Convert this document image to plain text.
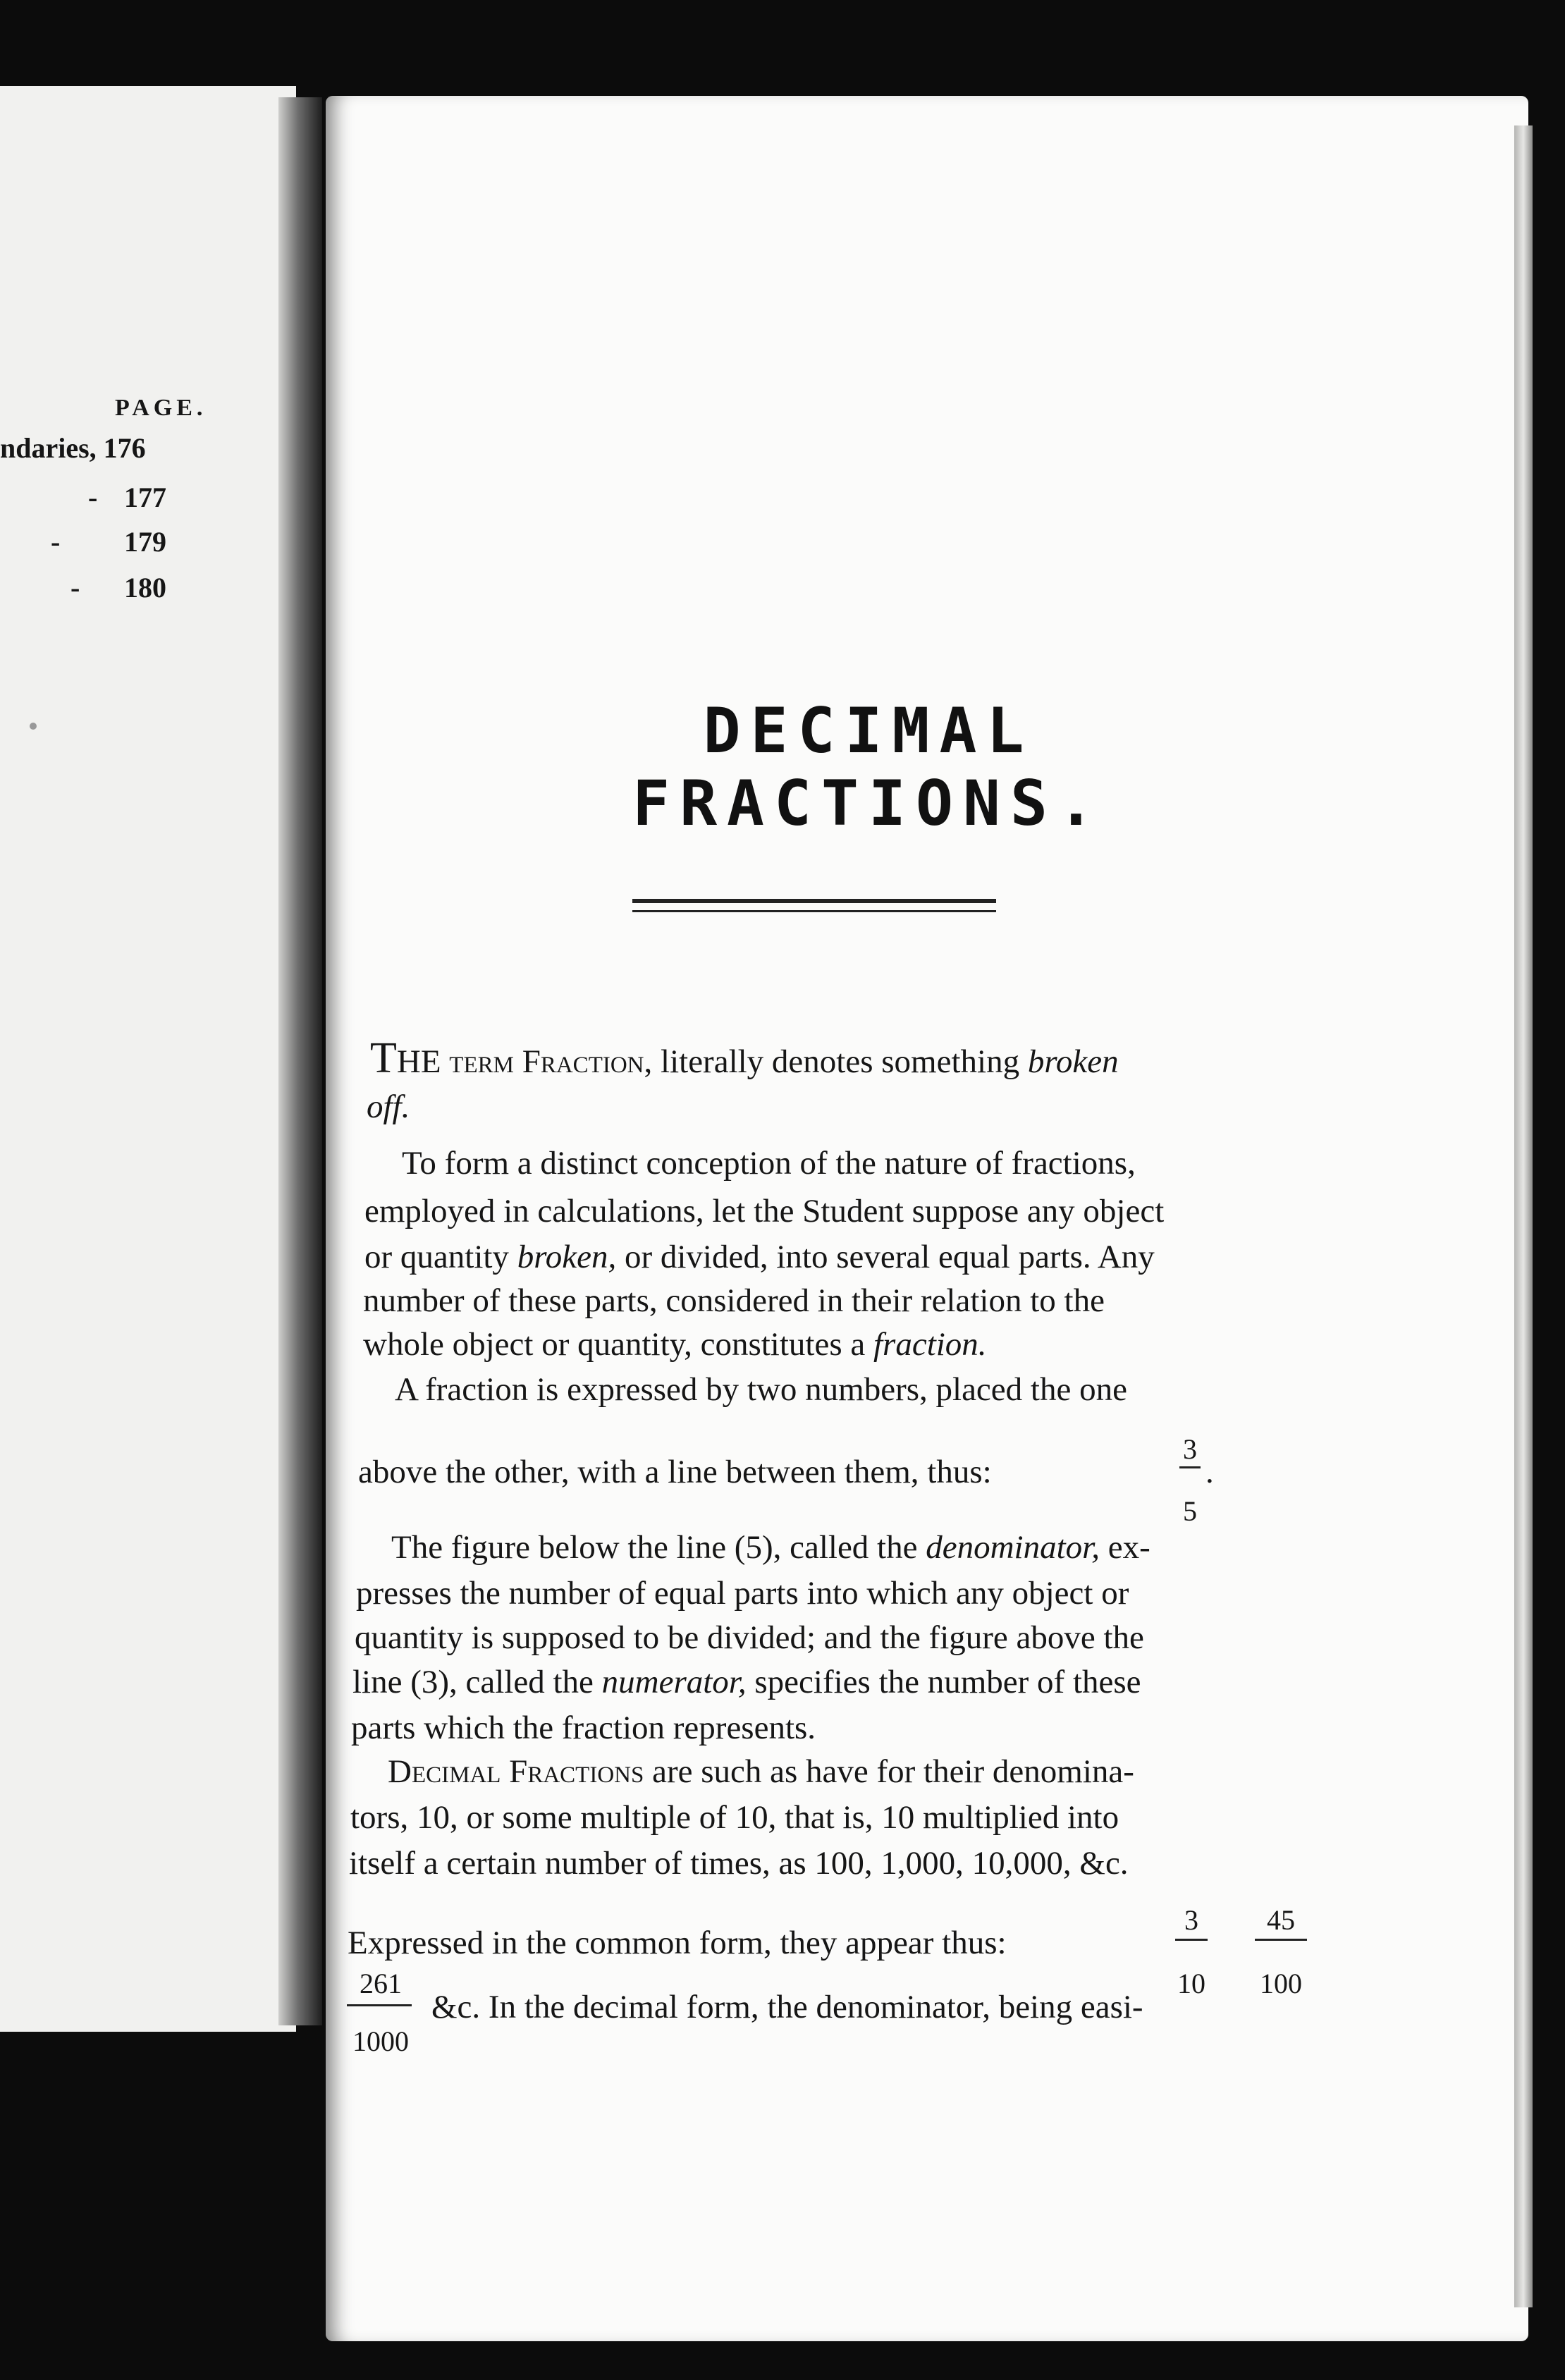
PAGE.
ndaries, 176
- 177
- 179
- 180
DECIMAL FRACTIONS.
THE term Fraction, literally denotes something broken
off.
To form a distinct conception of the nature of fractions,
employed in calculations, let the Student suppose any object
or quantity broken, or divided, into several equal parts. Any
number of these parts, considered in their relation to the
whole object or quantity, constitutes a fraction.
A fraction is expressed by two numbers, placed the one
above the other, with a line between them, thus:
3
5
.
The figure below the line (5), called the denominator, ex-
presses the number of equal parts into which any object or
quantity is supposed to be divided; and the figure above the
line (3), called the numerator, specifies the number of these
parts which the fraction represents.
Decimal Fractions are such as have for their denomina-
tors, 10, or some multiple of 10, that is, 10 multiplied into
itself a certain number of times, as 100, 1,000, 10,000, &c.
Expressed in the common form, they appear thus:
3
10
45
100
261
1000
&c. In the decimal form, the denominator, being easi-
